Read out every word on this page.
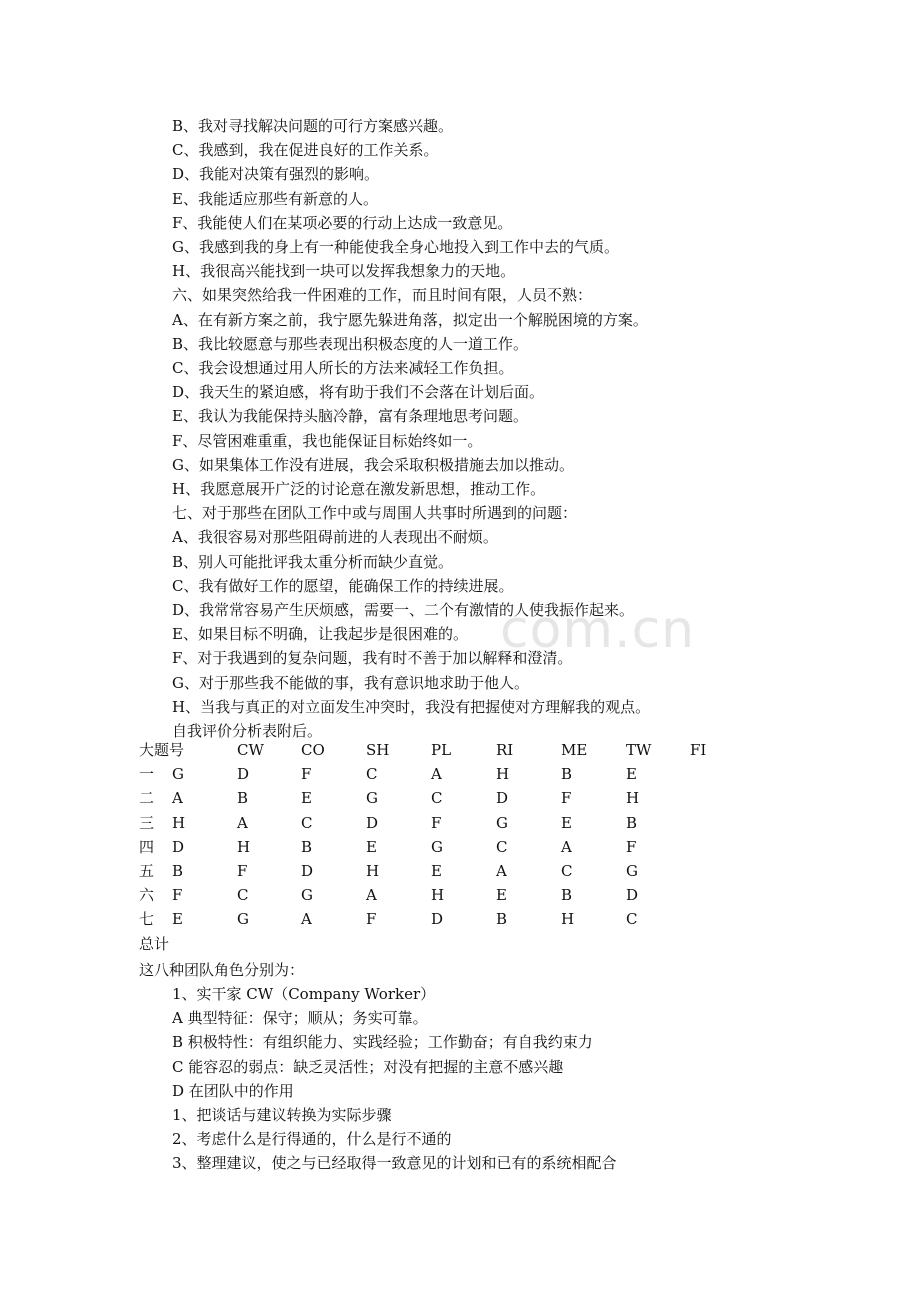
B、我对寻找解决问题的可行方案感兴趣。
C、我感到，我在促进良好的工作关系。
D、我能对决策有强烈的影响。
E、我能适应那些有新意的人。
F、我能使人们在某项必要的行动上达成一致意见。
G、我感到我的身上有一种能使我全身心地投入到工作中去的气质。
H、我很高兴能找到一块可以发挥我想象力的天地。
六、如果突然给我一件困难的工作，而且时间有限，人员不熟：
A、在有新方案之前，我宁愿先躲进角落，拟定出一个解脱困境的方案。
B、我比较愿意与那些表现出积极态度的人一道工作。
C、我会设想通过用人所长的方法来减轻工作负担。
D、我天生的紧迫感，将有助于我们不会落在计划后面。
E、我认为我能保持头脑冷静，富有条理地思考问题。
F、尽管困难重重，我也能保证目标始终如一。
G、如果集体工作没有进展，我会采取积极措施去加以推动。
H、我愿意展开广泛的讨论意在激发新思想，推动工作。
七、对于那些在团队工作中或与周围人共事时所遇到的问题：
A、我很容易对那些阻碍前进的人表现出不耐烦。
B、别人可能批评我太重分析而缺少直觉。
C、我有做好工作的愿望，能确保工作的持续进展。
D、我常常容易产生厌烦感，需要一、二个有激情的人使我振作起来。
E、如果目标不明确，让我起步是很困难的。
F、对于我遇到的复杂问题，我有时不善于加以解释和澄清。
G、对于那些我不能做的事，我有意识地求助于他人。
H、当我与真正的对立面发生冲突时，我没有把握使对方理解我的观点。
自我评价分析表附后。
大题号	CW CO	SH	PL	RI	ME	TW	FI
一 G	D	F	C	A	H	B	E
二 A	B	E	G	C	D	F	H
三 H	A	C	D	F	G	E	B
四 D	H	B	E	G	C	A	F
五 B	F	D	H	E	A	C	G
六 F	C	G	A	H	E	B	D
七 E	G	A	F	D	B	H	C
总计
这八种团队角色分别为：
1、实干家 CW（Company Worker）
A 典型特征：保守；顺从；务实可靠。
B 积极特性：有组织能力、实践经验；工作勤奋；有自我约束力
C 能容忍的弱点：缺乏灵活性；对没有把握的主意不感兴趣
D 在团队中的作用
1、把谈话与建议转换为实际步骤
2、考虑什么是行得通的，什么是行不通的
3、整理建议，使之与已经取得一致意见的计划和已有的系统相配合
com.cn
